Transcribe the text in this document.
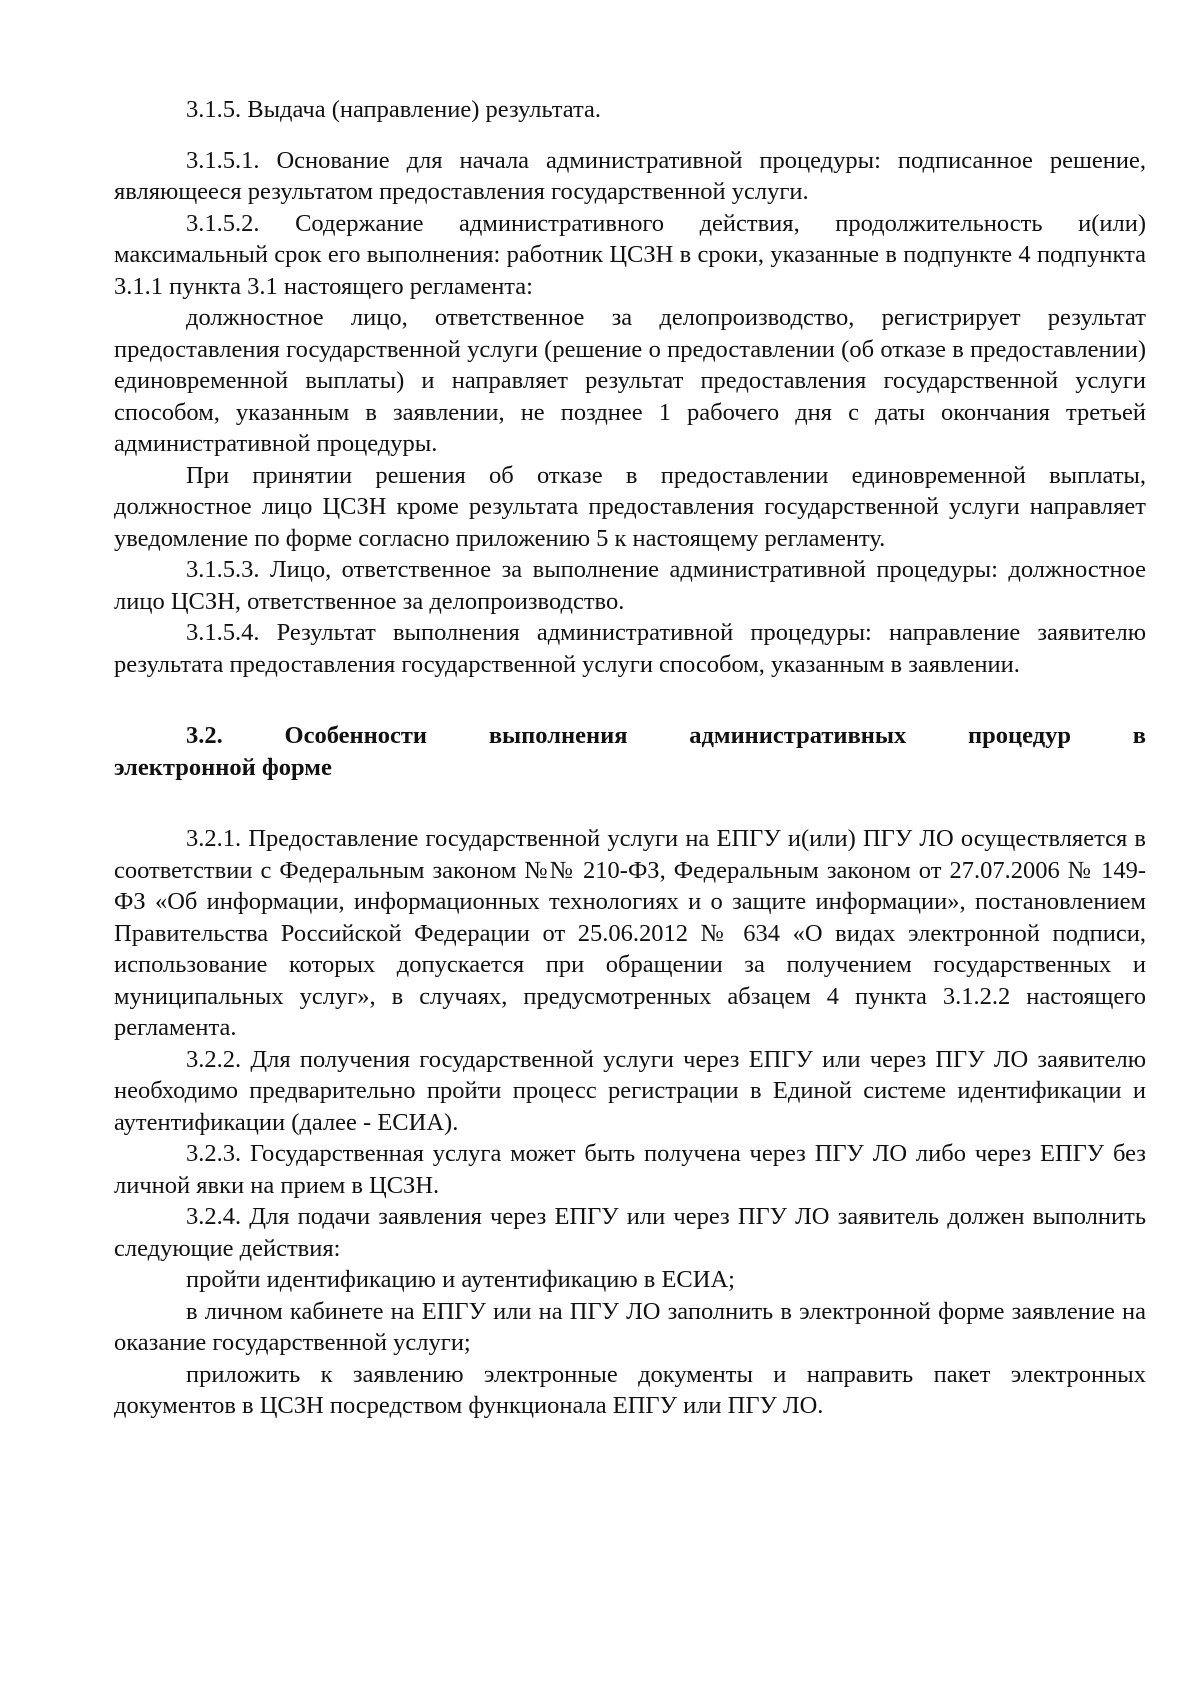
3.1.5. Выдача (направление) результата.

3.1.5.1. Основание для начала административной процедуры: подписанное решение, являющееся результатом предоставления государственной услуги.

3.1.5.2. Содержание административного действия, продолжительность и(или) максимальный срок его выполнения: работник ЦСЗН в сроки, указанные в подпункте 4 подпункта 3.1.1 пункта 3.1 настоящего регламента:

должностное лицо, ответственное за делопроизводство, регистрирует результат предоставления государственной услуги (решение о предоставлении (об отказе в предоставлении) единовременной выплаты) и направляет результат предоставления государственной услуги способом, указанным в заявлении, не позднее 1 рабочего дня с даты окончания третьей административной процедуры.

При принятии решения об отказе в предоставлении единовременной выплаты, должностное лицо ЦСЗН кроме результата предоставления государственной услуги направляет уведомление по форме согласно приложению 5 к настоящему регламенту.

3.1.5.3. Лицо, ответственное за выполнение административной процедуры: должностное лицо ЦСЗН, ответственное за делопроизводство.

3.1.5.4. Результат выполнения административной процедуры: направление заявителю результата предоставления государственной услуги способом, указанным в заявлении.

3.2. Особенности выполнения административных процедур в

электронной форме

3.2.1. Предоставление государственной услуги на ЕПГУ и(или) ПГУ ЛО осуществляется в соответствии с Федеральным законом №№ 210-ФЗ, Федеральным законом от 27.07.2006 № 149-ФЗ «Об информации, информационных технологиях и о защите информации», постановлением Правительства Российской Федерации от 25.06.2012 № 634 «О видах электронной подписи, использование которых допускается при обращении за получением государственных и муниципальных услуг», в случаях, предусмотренных абзацем 4 пункта 3.1.2.2 настоящего регламента.

3.2.2. Для получения государственной услуги через ЕПГУ или через ПГУ ЛО заявителю необходимо предварительно пройти процесс регистрации в Единой системе идентификации и аутентификации (далее - ЕСИА).

3.2.3. Государственная услуга может быть получена через ПГУ ЛО либо через ЕПГУ без личной явки на прием в ЦСЗН.

3.2.4. Для подачи заявления через ЕПГУ или через ПГУ ЛО заявитель должен выполнить следующие действия:

пройти идентификацию и аутентификацию в ЕСИА;

в личном кабинете на ЕПГУ или на ПГУ ЛО заполнить в электронной форме заявление на оказание государственной услуги;

приложить к заявлению электронные документы и направить пакет электронных документов в ЦСЗН посредством функционала ЕПГУ или ПГУ ЛО.
